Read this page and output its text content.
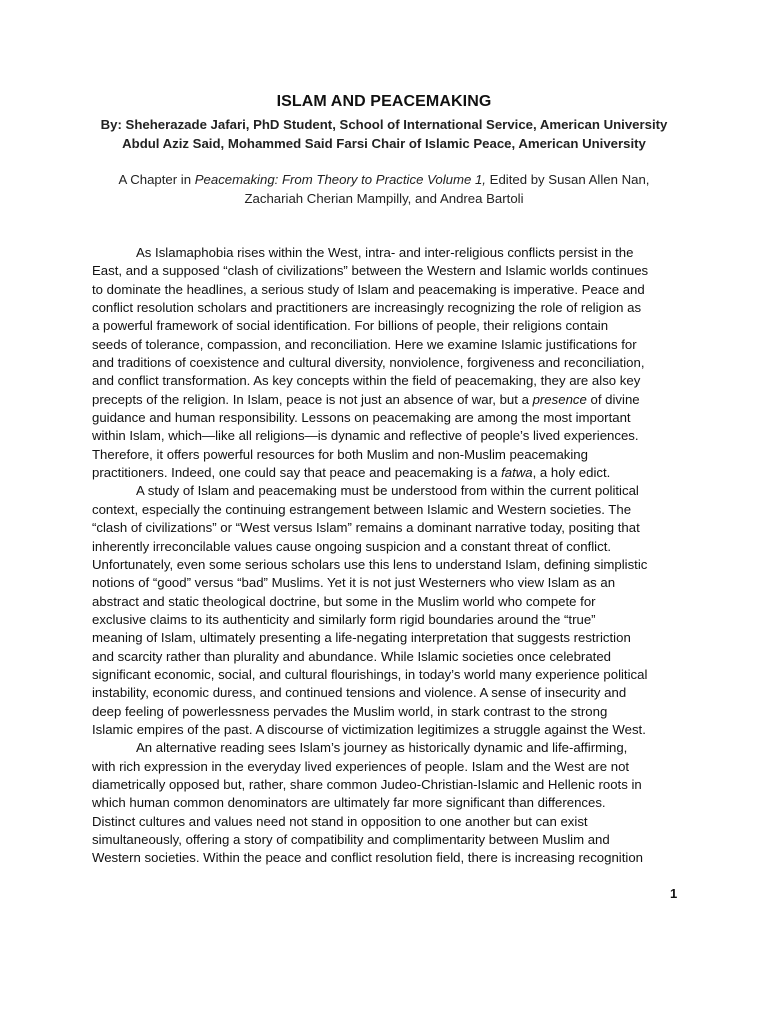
ISLAM AND PEACEMAKING
By: Sheherazade Jafari, PhD Student, School of International Service, American University
Abdul Aziz Said, Mohammed Said Farsi Chair of Islamic Peace, American University
A Chapter in Peacemaking: From Theory to Practice Volume 1, Edited by Susan Allen Nan,
Zachariah Cherian Mampilly, and Andrea Bartoli
As Islamaphobia rises within the West, intra- and inter-religious conflicts persist in the
East, and a supposed “clash of civilizations” between the Western and Islamic worlds continues
to dominate the headlines, a serious study of Islam and peacemaking is imperative. Peace and
conflict resolution scholars and practitioners are increasingly recognizing the role of religion as
a powerful framework of social identification. For billions of people, their religions contain
seeds of tolerance, compassion, and reconciliation. Here we examine Islamic justifications for
and traditions of coexistence and cultural diversity, nonviolence, forgiveness and reconciliation,
and conflict transformation. As key concepts within the field of peacemaking, they are also key
precepts of the religion. In Islam, peace is not just an absence of war, but a presence of divine
guidance and human responsibility. Lessons on peacemaking are among the most important
within Islam, which—like all religions—is dynamic and reflective of people’s lived experiences.
Therefore, it offers powerful resources for both Muslim and non-Muslim peacemaking
practitioners. Indeed, one could say that peace and peacemaking is a fatwa, a holy edict.
A study of Islam and peacemaking must be understood from within the current political
context, especially the continuing estrangement between Islamic and Western societies. The
“clash of civilizations” or “West versus Islam” remains a dominant narrative today, positing that
inherently irreconcilable values cause ongoing suspicion and a constant threat of conflict.
Unfortunately, even some serious scholars use this lens to understand Islam, defining simplistic
notions of “good” versus “bad” Muslims. Yet it is not just Westerners who view Islam as an
abstract and static theological doctrine, but some in the Muslim world who compete for
exclusive claims to its authenticity and similarly form rigid boundaries around the “true”
meaning of Islam, ultimately presenting a life-negating interpretation that suggests restriction
and scarcity rather than plurality and abundance. While Islamic societies once celebrated
significant economic, social, and cultural flourishings, in today’s world many experience political
instability, economic duress, and continued tensions and violence. A sense of insecurity and
deep feeling of powerlessness pervades the Muslim world, in stark contrast to the strong
Islamic empires of the past. A discourse of victimization legitimizes a struggle against the West.
An alternative reading sees Islam’s journey as historically dynamic and life-affirming,
with rich expression in the everyday lived experiences of people. Islam and the West are not
diametrically opposed but, rather, share common Judeo-Christian-Islamic and Hellenic roots in
which human common denominators are ultimately far more significant than differences.
Distinct cultures and values need not stand in opposition to one another but can exist
simultaneously, offering a story of compatibility and complimentarity between Muslim and
Western societies. Within the peace and conflict resolution field, there is increasing recognition
1
